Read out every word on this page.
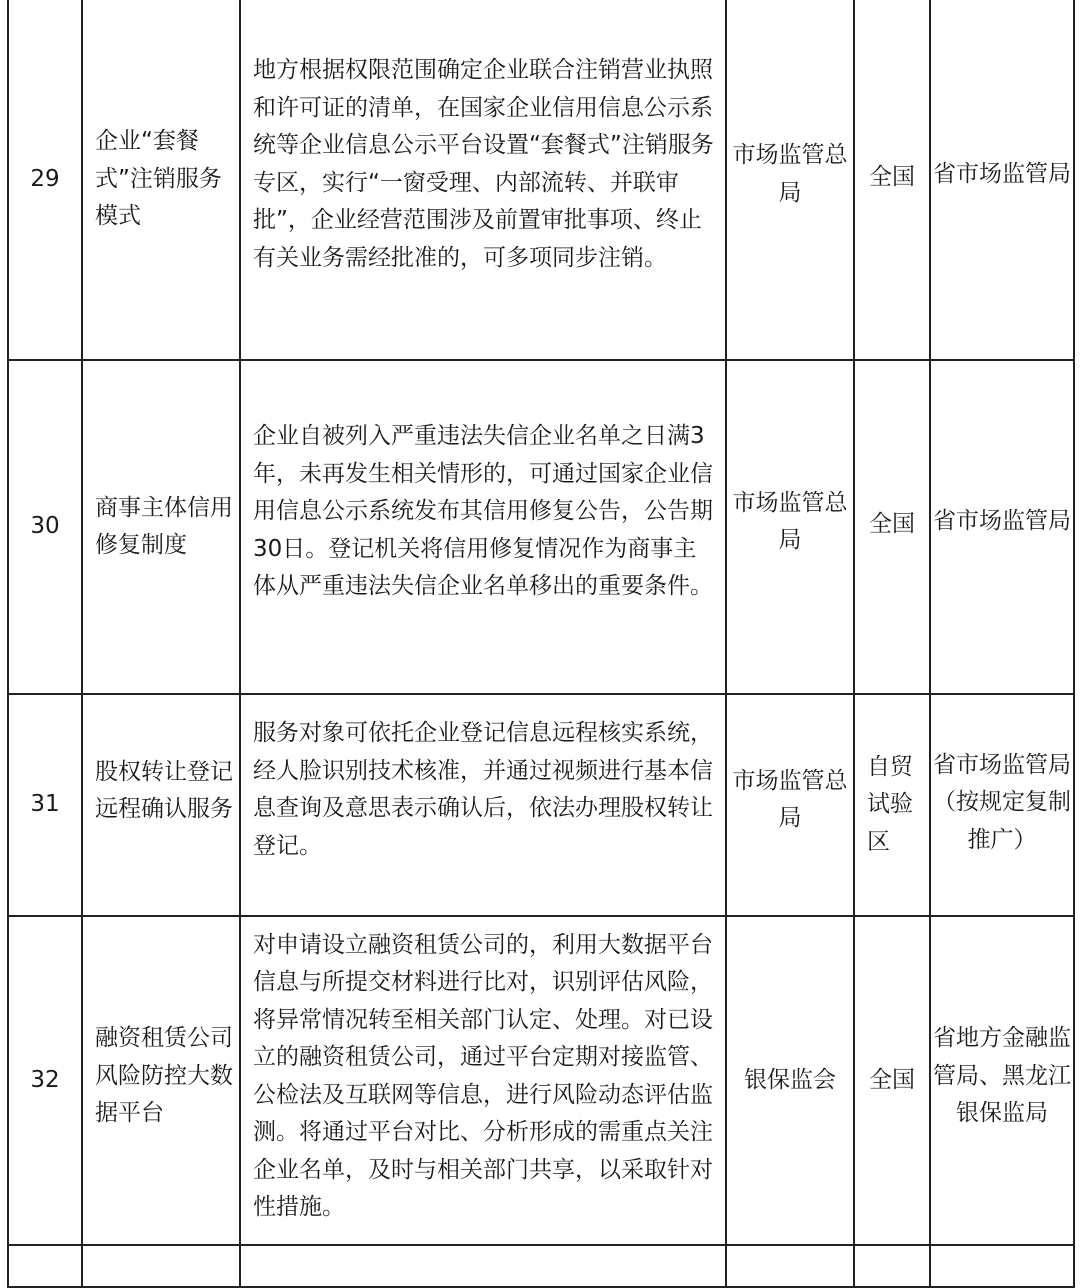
29	企业“套餐式”注销服务模式	地方根据权限范围确定企业联合注销营业执照和许可证的清单，在国家企业信用信息公示系统等企业信息公示平台设置“套餐式”注销服务专区，实行“一窗受理、内部流转、并联审批”，企业经营范围涉及前置审批事项、终止有关业务需经批准的，可多项同步注销。	市场监管总局	全国	省市场监管局

30	商事主体信用修复制度	企业自被列入严重违法失信企业名单之日满3年，未再发生相关情形的，可通过国家企业信用信息公示系统发布其信用修复公告，公告期30日。登记机关将信用修复情况作为商事主体从严重违法失信企业名单移出的重要条件。	市场监管总局	全国	省市场监管局

31	股权转让登记远程确认服务	服务对象可依托企业登记信息远程核实系统，经人脸识别技术核准，并通过视频进行基本信息查询及意思表示确认后，依法办理股权转让登记。	市场监管总局	自贸试验区	省市场监管局（按规定复制推广）

32	融资租赁公司风险防控大数据平台	对申请设立融资租赁公司的，利用大数据平台信息与所提交材料进行比对，识别评估风险，将异常情况转至相关部门认定、处理。对已设立的融资租赁公司，通过平台定期对接监管、公检法及互联网等信息，进行风险动态评估监测。将通过平台对比、分析形成的需重点关注企业名单，及时与相关部门共享，以采取针对性措施。	银保监会	全国	省地方金融监管局、黑龙江银保监局
